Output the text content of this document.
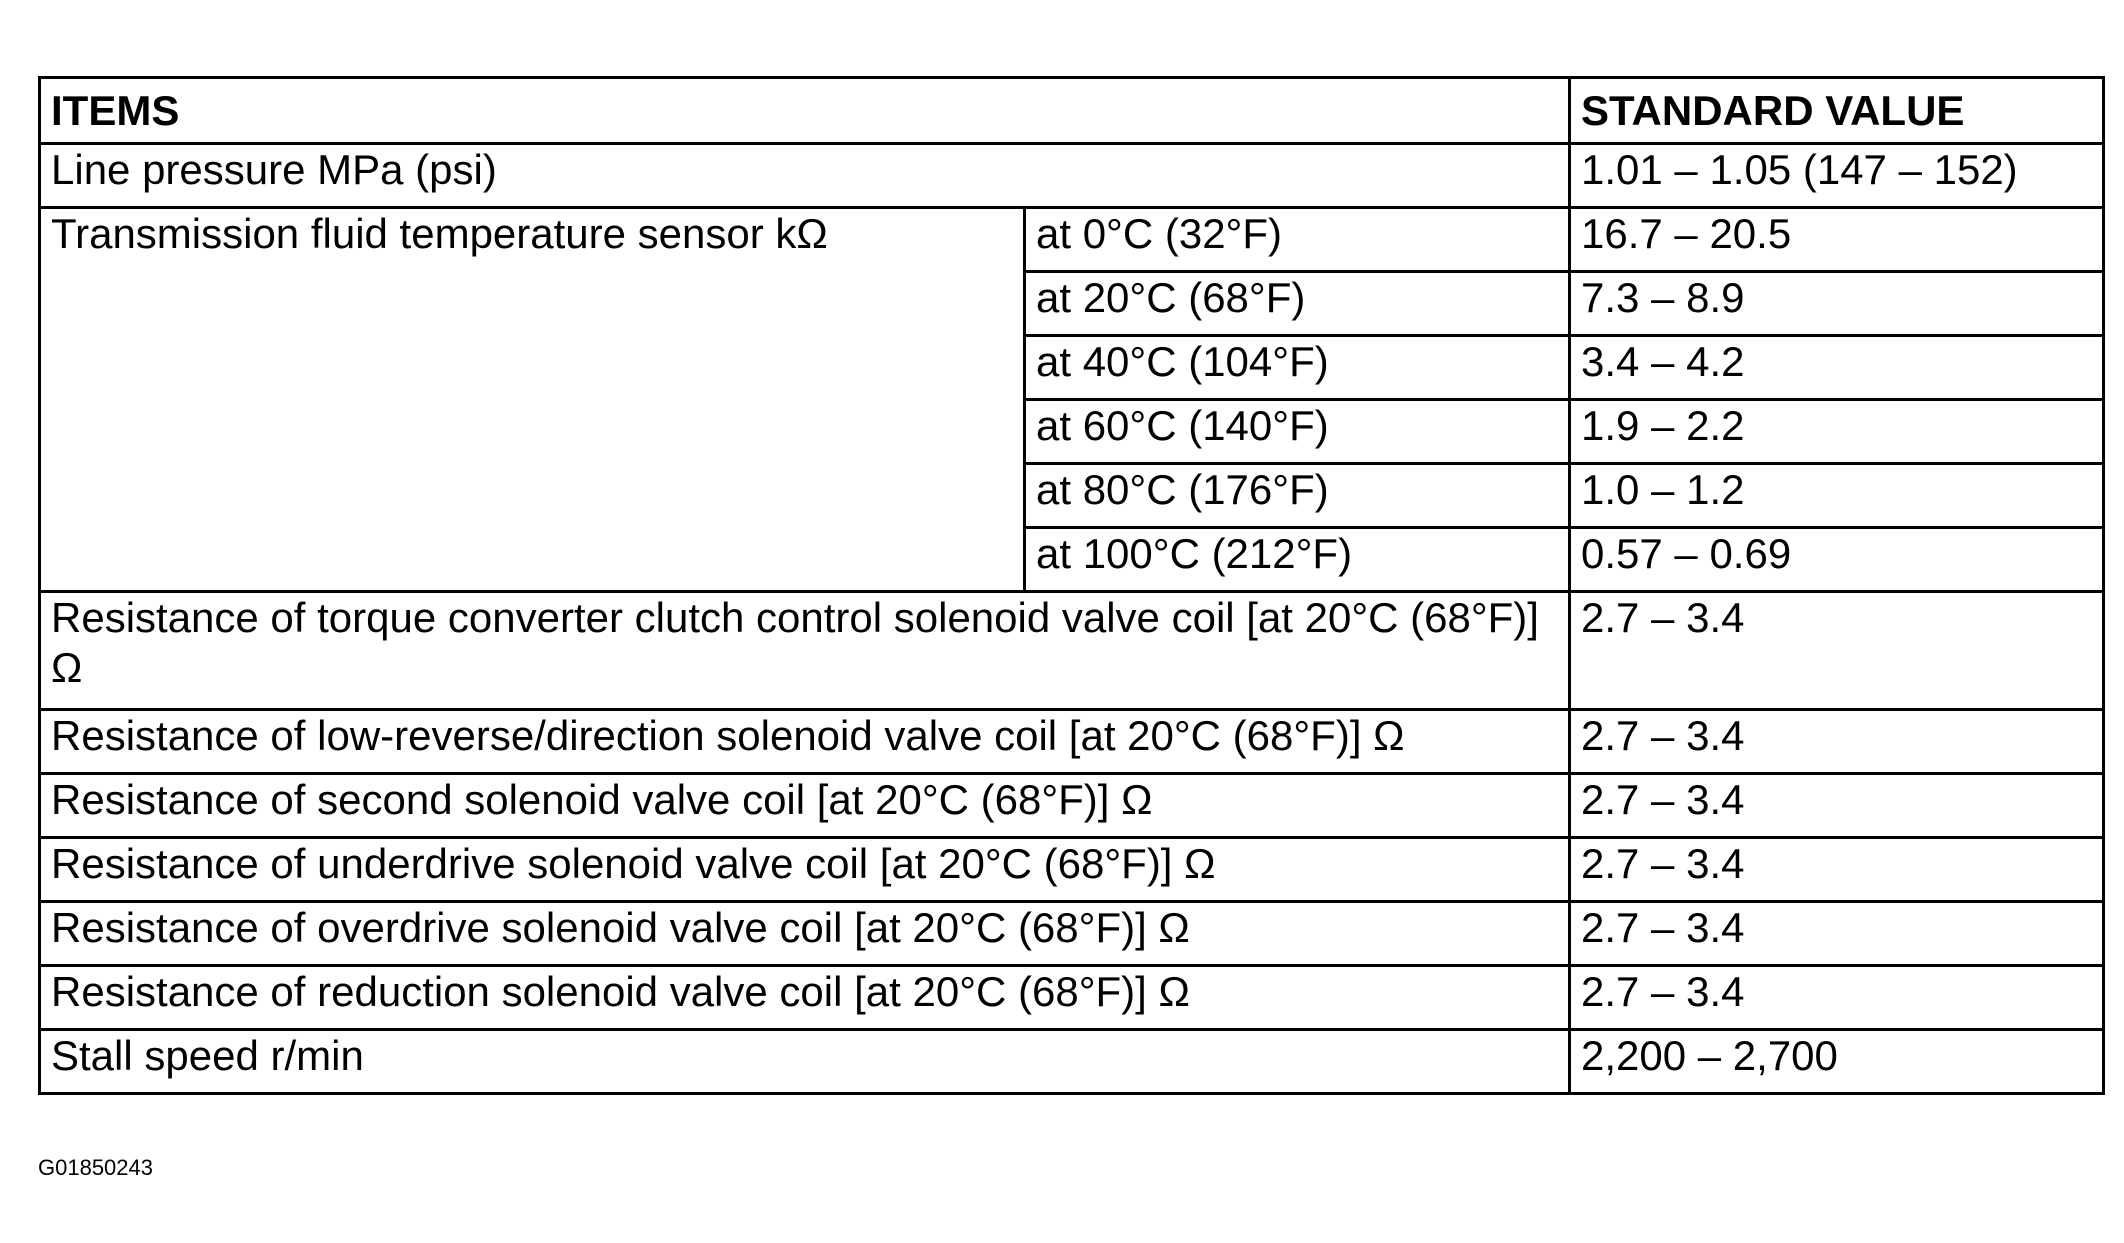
ITEMS		STANDARD VALUE
Line pressure MPa (psi)		1.01 – 1.05 (147 – 152)
Transmission fluid temperature sensor kΩ	at 0°C (32°F)	16.7 – 20.5
	at 20°C (68°F)	7.3 – 8.9
	at 40°C (104°F)	3.4 – 4.2
	at 60°C (140°F)	1.9 – 2.2
	at 80°C (176°F)	1.0 – 1.2
	at 100°C (212°F)	0.57 – 0.69
Resistance of torque converter clutch control solenoid valve coil [at 20°C (68°F)] Ω		2.7 – 3.4
Resistance of low-reverse/direction solenoid valve coil [at 20°C (68°F)] Ω		2.7 – 3.4
Resistance of second solenoid valve coil [at 20°C (68°F)] Ω		2.7 – 3.4
Resistance of underdrive solenoid valve coil [at 20°C (68°F)] Ω		2.7 – 3.4
Resistance of overdrive solenoid valve coil [at 20°C (68°F)] Ω		2.7 – 3.4
Resistance of reduction solenoid valve coil [at 20°C (68°F)] Ω		2.7 – 3.4
Stall speed r/min		2,200 – 2,700
G01850243
